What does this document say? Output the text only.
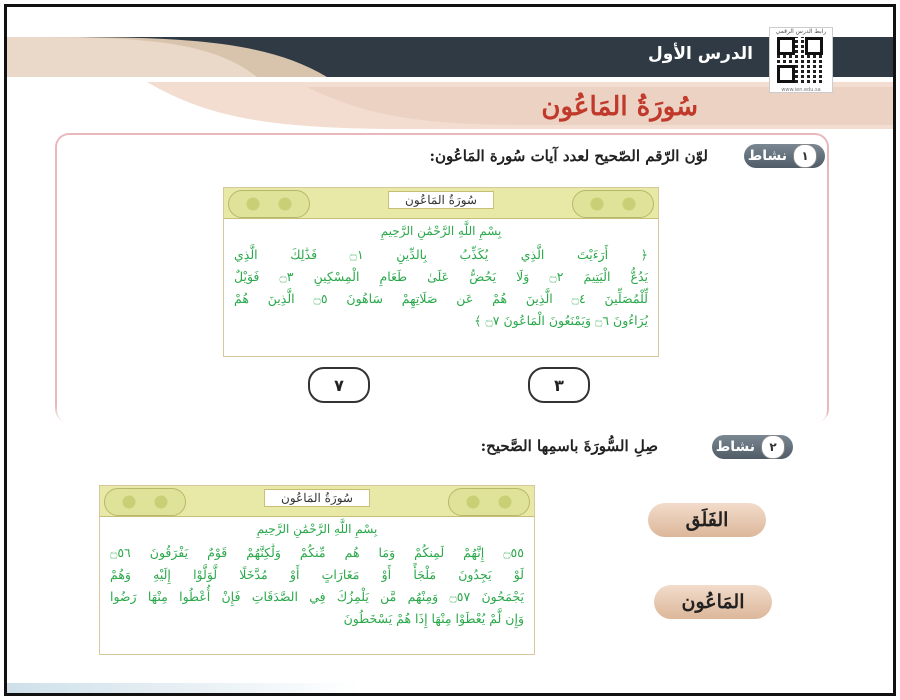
رابط الدرس الرقمي
www.ien.edu.sa
الدرس الأول
سُورَةُ المَاعُون
١
نشاط
لوّن الرّقم الصّحيح لعدد آيات سُورة المَاعُون:
سُورَةُ المَاعُون
بِسْمِ اللَّهِ الرَّحْمَٰنِ الرَّحِيمِ
﴿ أَرَءَيْتَ الَّذِي يُكَذِّبُ بِالدِّينِ ۝١ فَذَٰلِكَ الَّذِي
يَدُعُّ الْيَتِيمَ ۝٢ وَلَا يَحُضُّ عَلَىٰ طَعَامِ الْمِسْكِينِ ۝٣ فَوَيْلٌ
لِّلْمُصَلِّينَ ۝٤ الَّذِينَ هُمْ عَن صَلَاتِهِمْ سَاهُونَ ۝٥ الَّذِينَ هُمْ
يُرَاءُونَ ۝٦ وَيَمْنَعُونَ الْمَاعُونَ ۝٧ ﴾
٣
٧
٢
نشاط
صِلِ السُّورَةَ باسمِها الصَّحيح:
سُورَةُ المَاعُون
بِسْمِ اللَّهِ الرَّحْمَٰنِ الرَّحِيمِ
۝٥٥ إِنَّهُمْ لَمِنكُمْ وَمَا هُم مِّنكُمْ وَلَٰكِنَّهُمْ قَوْمٌ يَفْرَقُونَ ۝٥٦
لَوْ يَجِدُونَ مَلْجَأً أَوْ مَغَارَاتٍ أَوْ مُدَّخَلًا لَّوَلَّوْا إِلَيْهِ وَهُمْ
يَجْمَحُونَ ۝٥٧ وَمِنْهُم مَّن يَلْمِزُكَ فِي الصَّدَقَاتِ فَإِنْ أُعْطُوا مِنْهَا رَضُوا
وَإِن لَّمْ يُعْطَوْا مِنْهَا إِذَا هُمْ يَسْخَطُونَ
الفَلَق
المَاعُون
